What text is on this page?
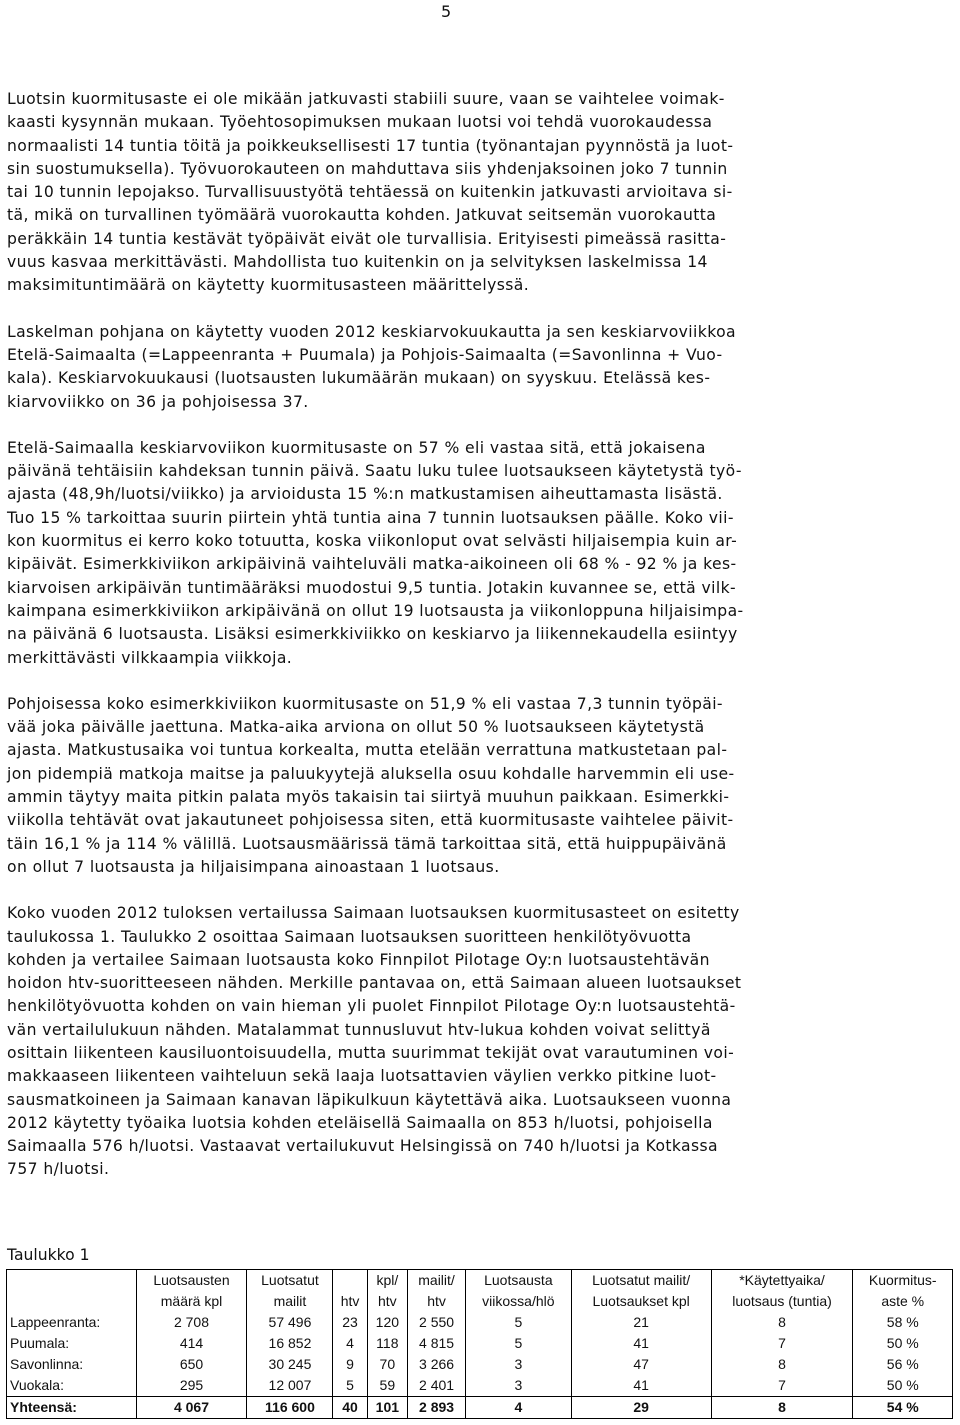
5

Luotsin kuormitusaste ei ole mikään jatkuvasti stabiili suure, vaan se vaihtelee voimak-
kaasti kysynnän mukaan. Työehtosopimuksen mukaan luotsi voi tehdä vuorokaudessa
normaalisti 14 tuntia töitä ja poikkeuksellisesti 17 tuntia (työnantajan pyynnöstä ja luot-
sin suostumuksella). Työvuorokauteen on mahduttava siis yhdenjaksoinen joko 7 tunnin
tai 10 tunnin lepojakso. Turvallisuustyötä tehtäessä on kuitenkin jatkuvasti arvioitava si-
tä, mikä on turvallinen työmäärä vuorokautta kohden. Jatkuvat seitsemän vuorokautta
peräkkäin 14 tuntia kestävät työpäivät eivät ole turvallisia. Erityisesti pimeässä rasitta-
vuus kasvaa merkittävästi. Mahdollista tuo kuitenkin on ja selvityksen laskelmissa 14
maksimituntimäärä on käytetty kuormitusasteen määrittelyssä.

Laskelman pohjana on käytetty vuoden 2012 keskiarvokuukautta ja sen keskiarvoviikkoa
Etelä-Saimaalta (=Lappeenranta + Puumala) ja Pohjois-Saimaalta (=Savonlinna + Vuo-
kala). Keskiarvokuukausi (luotsausten lukumäärän mukaan) on syyskuu. Etelässä kes-
kiarvoviikko on 36 ja pohjoisessa 37.

Etelä-Saimaalla keskiarvoviikon kuormitusaste on 57 % eli vastaa sitä, että jokaisena
päivänä tehtäisiin kahdeksan tunnin päivä. Saatu luku tulee luotsaukseen käytetystä työ-
ajasta (48,9h/luotsi/viikko) ja arvioidusta 15 %:n matkustamisen aiheuttamasta lisästä.
Tuo 15 % tarkoittaa suurin piirtein yhtä tuntia aina 7 tunnin luotsauksen päälle. Koko vii-
kon kuormitus ei kerro koko totuutta, koska viikonloput ovat selvästi hiljaisempia kuin ar-
kipäivät. Esimerkkiviikon arkipäivinä vaihteluväli matka-aikoineen oli 68 % - 92 % ja kes-
kiarvoisen arkipäivän tuntimääräksi muodostui 9,5 tuntia. Jotakin kuvannee se, että vilk-
kaimpana esimerkkiviikon arkipäivänä on ollut 19 luotsausta ja viikonloppuna hiljaisimpa-
na päivänä 6 luotsausta. Lisäksi esimerkkiviikko on keskiarvo ja liikennekaudella esiintyy
merkittävästi vilkkaampia viikkoja.

Pohjoisessa koko esimerkkiviikon kuormitusaste on 51,9 % eli vastaa 7,3 tunnin työpäi-
vää joka päivälle jaettuna. Matka-aika arviona on ollut 50 % luotsaukseen käytetystä
ajasta. Matkustusaika voi tuntua korkealta, mutta etelään verrattuna matkustetaan pal-
jon pidempiä matkoja maitse ja paluukyytejä aluksella osuu kohdalle harvemmin eli use-
ammin täytyy maita pitkin palata myös takaisin tai siirtyä muuhun paikkaan. Esimerkki-
viikolla tehtävät ovat jakautuneet pohjoisessa siten, että kuormitusaste vaihtelee päivit-
täin 16,1 % ja 114 % välillä. Luotsausmäärissä tämä tarkoittaa sitä, että huippupäivänä
on ollut 7 luotsausta ja hiljaisimpana ainoastaan 1 luotsaus.

Koko vuoden 2012 tuloksen vertailussa Saimaan luotsauksen kuormitusasteet on esitetty
taulukossa 1. Taulukko 2 osoittaa Saimaan luotsauksen suoritteen henkilötyövuotta
kohden ja vertailee Saimaan luotsausta koko Finnpilot Pilotage Oy:n luotsaustehtävän
hoidon htv-suoritteeseen nähden. Merkille pantavaa on, että Saimaan alueen luotsaukset
henkilötyövuotta kohden on vain hieman yli puolet Finnpilot Pilotage Oy:n luotsaustehtä-
vän vertailulukuun nähden. Matalammat tunnusluvut htv-lukua kohden voivat selittyä
osittain liikenteen kausiluontoisuudella, mutta suurimmat tekijät ovat varautuminen voi-
makkaaseen liikenteen vaihteluun sekä laaja luotsattavien väylien verkko pitkine luot-
sausmatkoineen ja Saimaan kanavan läpikulkuun käytettävä aika. Luotsaukseen vuonna
2012 käytetty työaika luotsia kohden eteläisellä Saimaalla on 853 h/luotsi, pohjoisella
Saimaalla 576 h/luotsi. Vastaavat vertailukuvut Helsingissä on 740 h/luotsi ja Kotkassa
757 h/luotsi.

Taulukko 1
	Luotsausten	Luotsatut		kpl/	mailit/	Luotsausta	Luotsatut mailit/	*Käytettyaika/	Kuormitus-
	määrä kpl	mailit	htv	htv	htv	viikossa/hlö	Luotsaukset kpl	luotsaus (tuntia)	aste %
Lappeenranta:	2 708	57 496	23	120	2 550	5	21	8	58 %
Puumala:	414	16 852	4	118	4 815	5	41	7	50 %
Savonlinna:	650	30 245	9	70	3 266	3	47	8	56 %
Vuokala:	295	12 007	5	59	2 401	3	41	7	50 %
Yhteensä:	4 067	116 600	40	101	2 893	4	29	8	54 %
